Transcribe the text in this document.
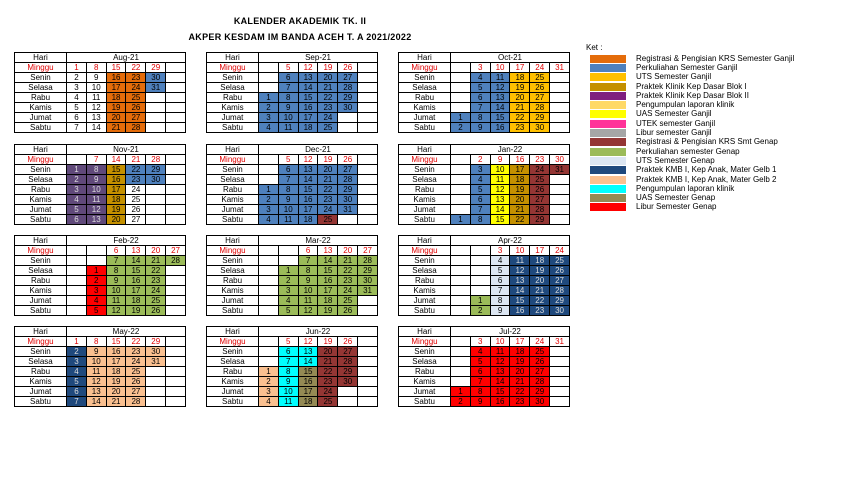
KALENDER AKADEMIK TK. II
AKPER KESDAM IM BANDA ACEH T. A 2021/2022
Hari	Aug-21					
Minggu	1	8	15	22	29	
Senin	2	9	16	23	30	
Selasa	3	10	17	24	31	
Rabu	4	11	18	25		
Kamis	5	12	19	26		
Jumat	6	13	20	27		
Sabtu	7	14	21	28		
Hari	Sep-21					
Minggu		5	12	19	26	
Senin		6	13	20	27	
Selasa		7	14	21	28	
Rabu	1	8	15	22	29	
Kamis	2	9	16	23	30	
Jumat	3	10	17	24		
Sabtu	4	11	18	25		
Hari	Oct-21					
Minggu		3	10	17	24	31
Senin		4	11	18	25	
Selasa		5	12	19	26	
Rabu		6	13	20	27	
Kamis		7	14	21	28	
Jumat	1	8	15	22	29	
Sabtu	2	9	16	23	30	
Hari	Nov-21					
Minggu		7	14	21	28	
Senin	1	8	15	22	29	
Selasa	2	9	16	23	30	
Rabu	3	10	17	24		
Kamis	4	11	18	25		
Jumat	5	12	19	26		
Sabtu	6	13	20	27		
Hari	Dec-21					
Minggu		5	12	19	26	
Senin		6	13	20	27	
Selasa		7	14	21	28	
Rabu	1	8	15	22	29	
Kamis	2	9	16	23	30	
Jumat	3	10	17	24	31	
Sabtu	4	11	18	25		
Hari	Jan-22					
Minggu		2	9	16	23	30
Senin		3	10	17	24	31
Selasa		4	11	18	25	
Rabu		5	12	19	26	
Kamis		6	13	20	27	
Jumat		7	14	21	28	
Sabtu	1	8	15	22	29	
Hari	Feb-22					
Minggu			6	13	20	27
Senin			7	14	21	28
Selasa		1	8	15	22	
Rabu		2	9	16	23	
Kamis		3	10	17	24	
Jumat		4	11	18	25	
Sabtu		5	12	19	26	
Hari	Mar-22					
Minggu			6	13	20	27
Senin			7	14	21	28
Selasa		1	8	15	22	29
Rabu		2	9	16	23	30
Kamis		3	10	17	24	31
Jumat		4	11	18	25	
Sabtu		5	12	19	26	
Hari	Apr-22					
Minggu			3	10	17	24
Senin			4	11	18	25
Selasa			5	12	19	26
Rabu			6	13	20	27
Kamis			7	14	21	28
Jumat		1	8	15	22	29
Sabtu		2	9	16	23	30
Hari	May-22					
Minggu	1	8	15	22	29	
Senin	2	9	16	23	30	
Selasa	3	10	17	24	31	
Rabu	4	11	18	25		
Kamis	5	12	19	26		
Jumat	6	13	20	27		
Sabtu	7	14	21	28		
Hari	Jun-22					
Minggu		5	12	19	26	
Senin		6	13	20	27	
Selasa		7	14	21	28	
Rabu	1	8	15	22	29	
Kamis	2	9	16	23	30	
Jumat	3	10	17	24		
Sabtu	4	11	18	25		
Hari	Jul-22					
Minggu		3	10	17	24	31
Senin		4	11	18	25	
Selasa		5	12	19	26	
Rabu		6	13	20	27	
Kamis		7	14	21	28	
Jumat	1	8	15	22	29	
Sabtu	2	9	16	23	30	
Ket :
Registrasi & Pengisian KRS Semester Ganjil
Perkuliahan Semester Ganjil
UTS Semester Ganjil
Praktek Klinik Kep Dasar Blok I
Praktek Klinik Kep Dasar Blok II
Pengumpulan laporan klinik
UAS Semester Ganjil
UTEK semester Ganjil
Libur semester Ganjil
Registrasi & Pengisian KRS Smt Genap
Perkuliahan semester Genap
UTS Semester Genap
Praktek KMB I, Kep Anak, Mater Gelb 1
Praktek KMB I, Kep Anak, Mater Gelb 2
Pengumpulan laporan klinik
UAS Semester Genap
Libur Semester Genap
